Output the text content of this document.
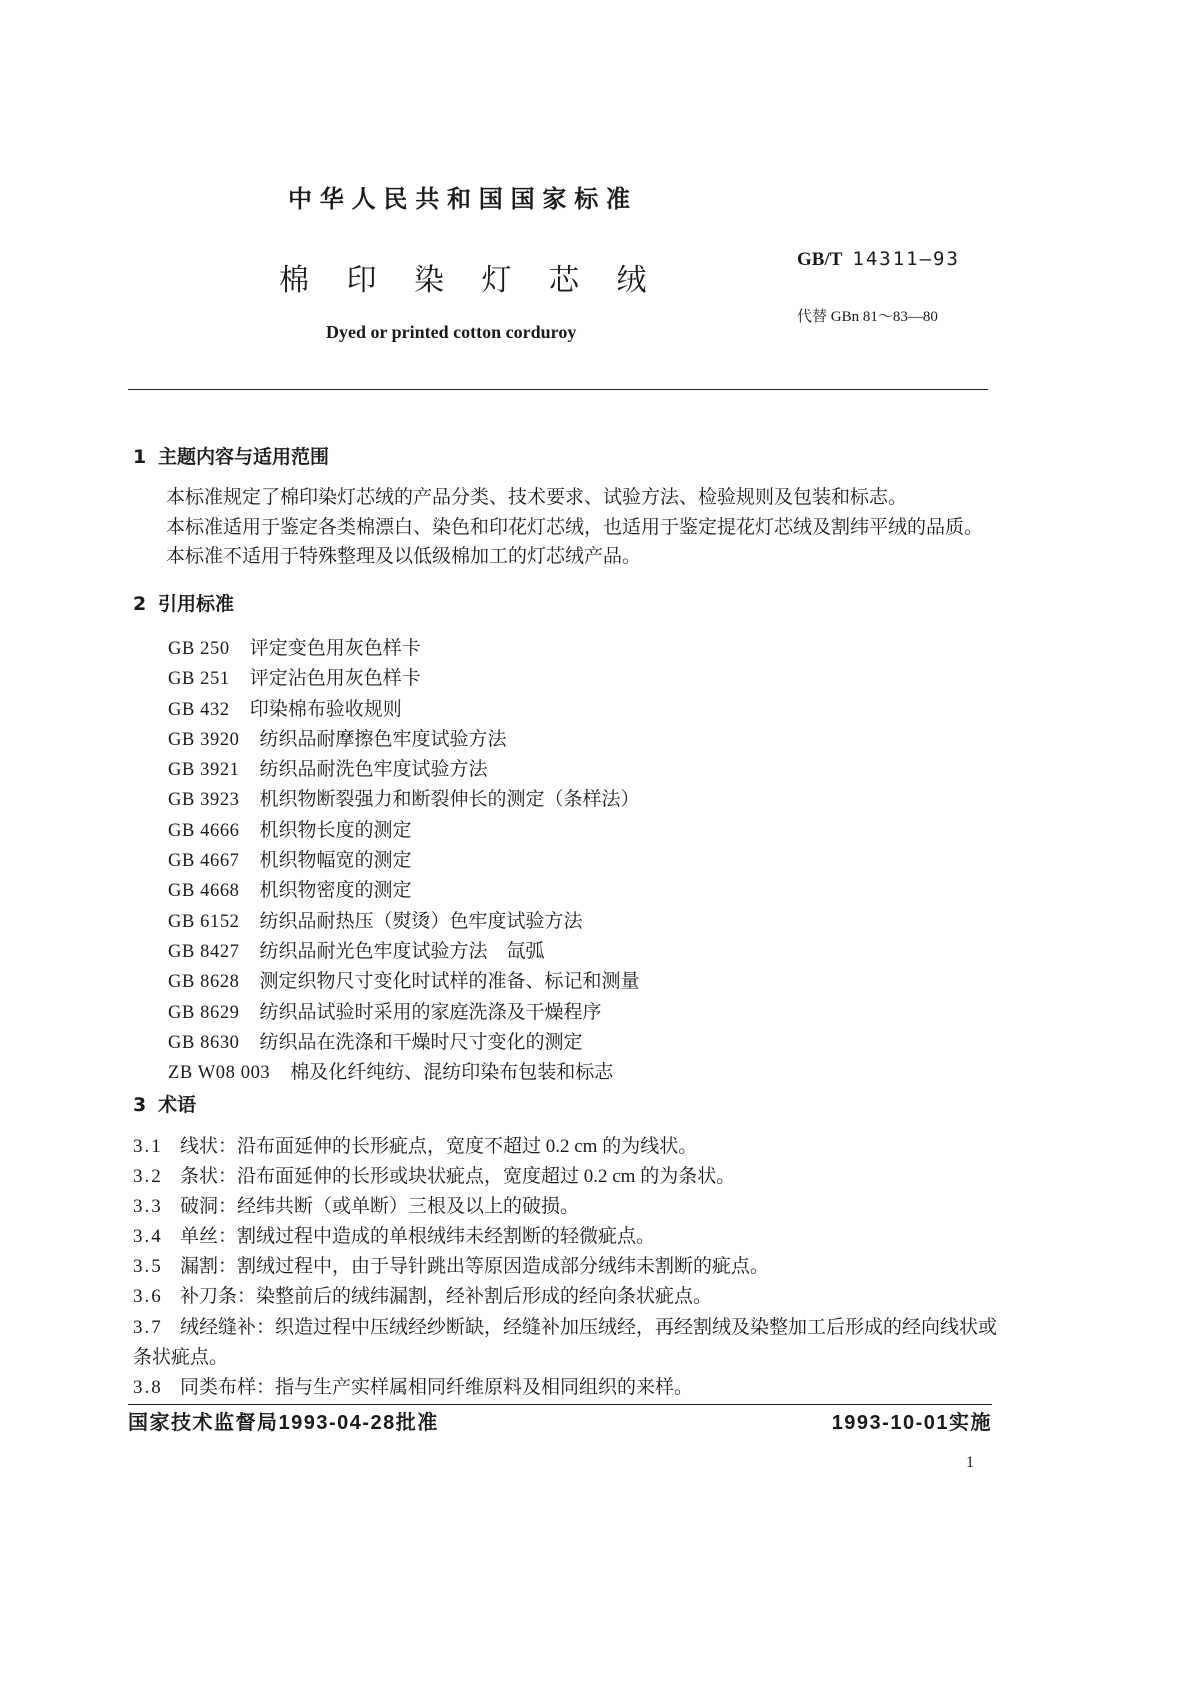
中华人民共和国国家标准
GB/T 14311—93
棉印染灯芯绒
代替 GBn 81～83—80
Dyed or printed cotton corduroy
1 主题内容与适用范围

本标准规定了棉印染灯芯绒的产品分类、技术要求、试验方法、检验规则及包装和标志。

本标准适用于鉴定各类棉漂白、染色和印花灯芯绒，也适用于鉴定提花灯芯绒及割纬平绒的品质。

本标准不适用于特殊整理及以低级棉加工的灯芯绒产品。

2 引用标准

GB 250 评定变色用灰色样卡

GB 251 评定沾色用灰色样卡

GB 432 印染棉布验收规则

GB 3920 纺织品耐摩擦色牢度试验方法

GB 3921 纺织品耐洗色牢度试验方法

GB 3923 机织物断裂强力和断裂伸长的测定（条样法）

GB 4666 机织物长度的测定

GB 4667 机织物幅宽的测定

GB 4668 机织物密度的测定

GB 6152 纺织品耐热压（熨烫）色牢度试验方法

GB 8427 纺织品耐光色牢度试验方法　氙弧

GB 8628 测定织物尺寸变化时试样的准备、标记和测量

GB 8629 纺织品试验时采用的家庭洗涤及干燥程序

GB 8630 纺织品在洗涤和干燥时尺寸变化的测定

ZB W08 003 棉及化纤纯纺、混纺印染布包装和标志

3 术语

3.1 线状：沿布面延伸的长形疵点，宽度不超过 0.2 cm 的为线状。

3.2 条状：沿布面延伸的长形或块状疵点，宽度超过 0.2 cm 的为条状。

3.3 破洞：经纬共断（或单断）三根及以上的破损。

3.4 单丝：割绒过程中造成的单根绒纬未经割断的轻微疵点。

3.5 漏割：割绒过程中，由于导针跳出等原因造成部分绒纬未割断的疵点。

3.6 补刀条：染整前后的绒纬漏割，经补割后形成的经向条状疵点。

3.7 绒经缝补：织造过程中压绒经纱断缺，经缝补加压绒经，再经割绒及染整加工后形成的经向线状或条状疵点。

3.8 同类布样：指与生产实样属相同纤维原料及相同组织的来样。

国家技术监督局1993-04-28批准	1993-10-01实施
1
